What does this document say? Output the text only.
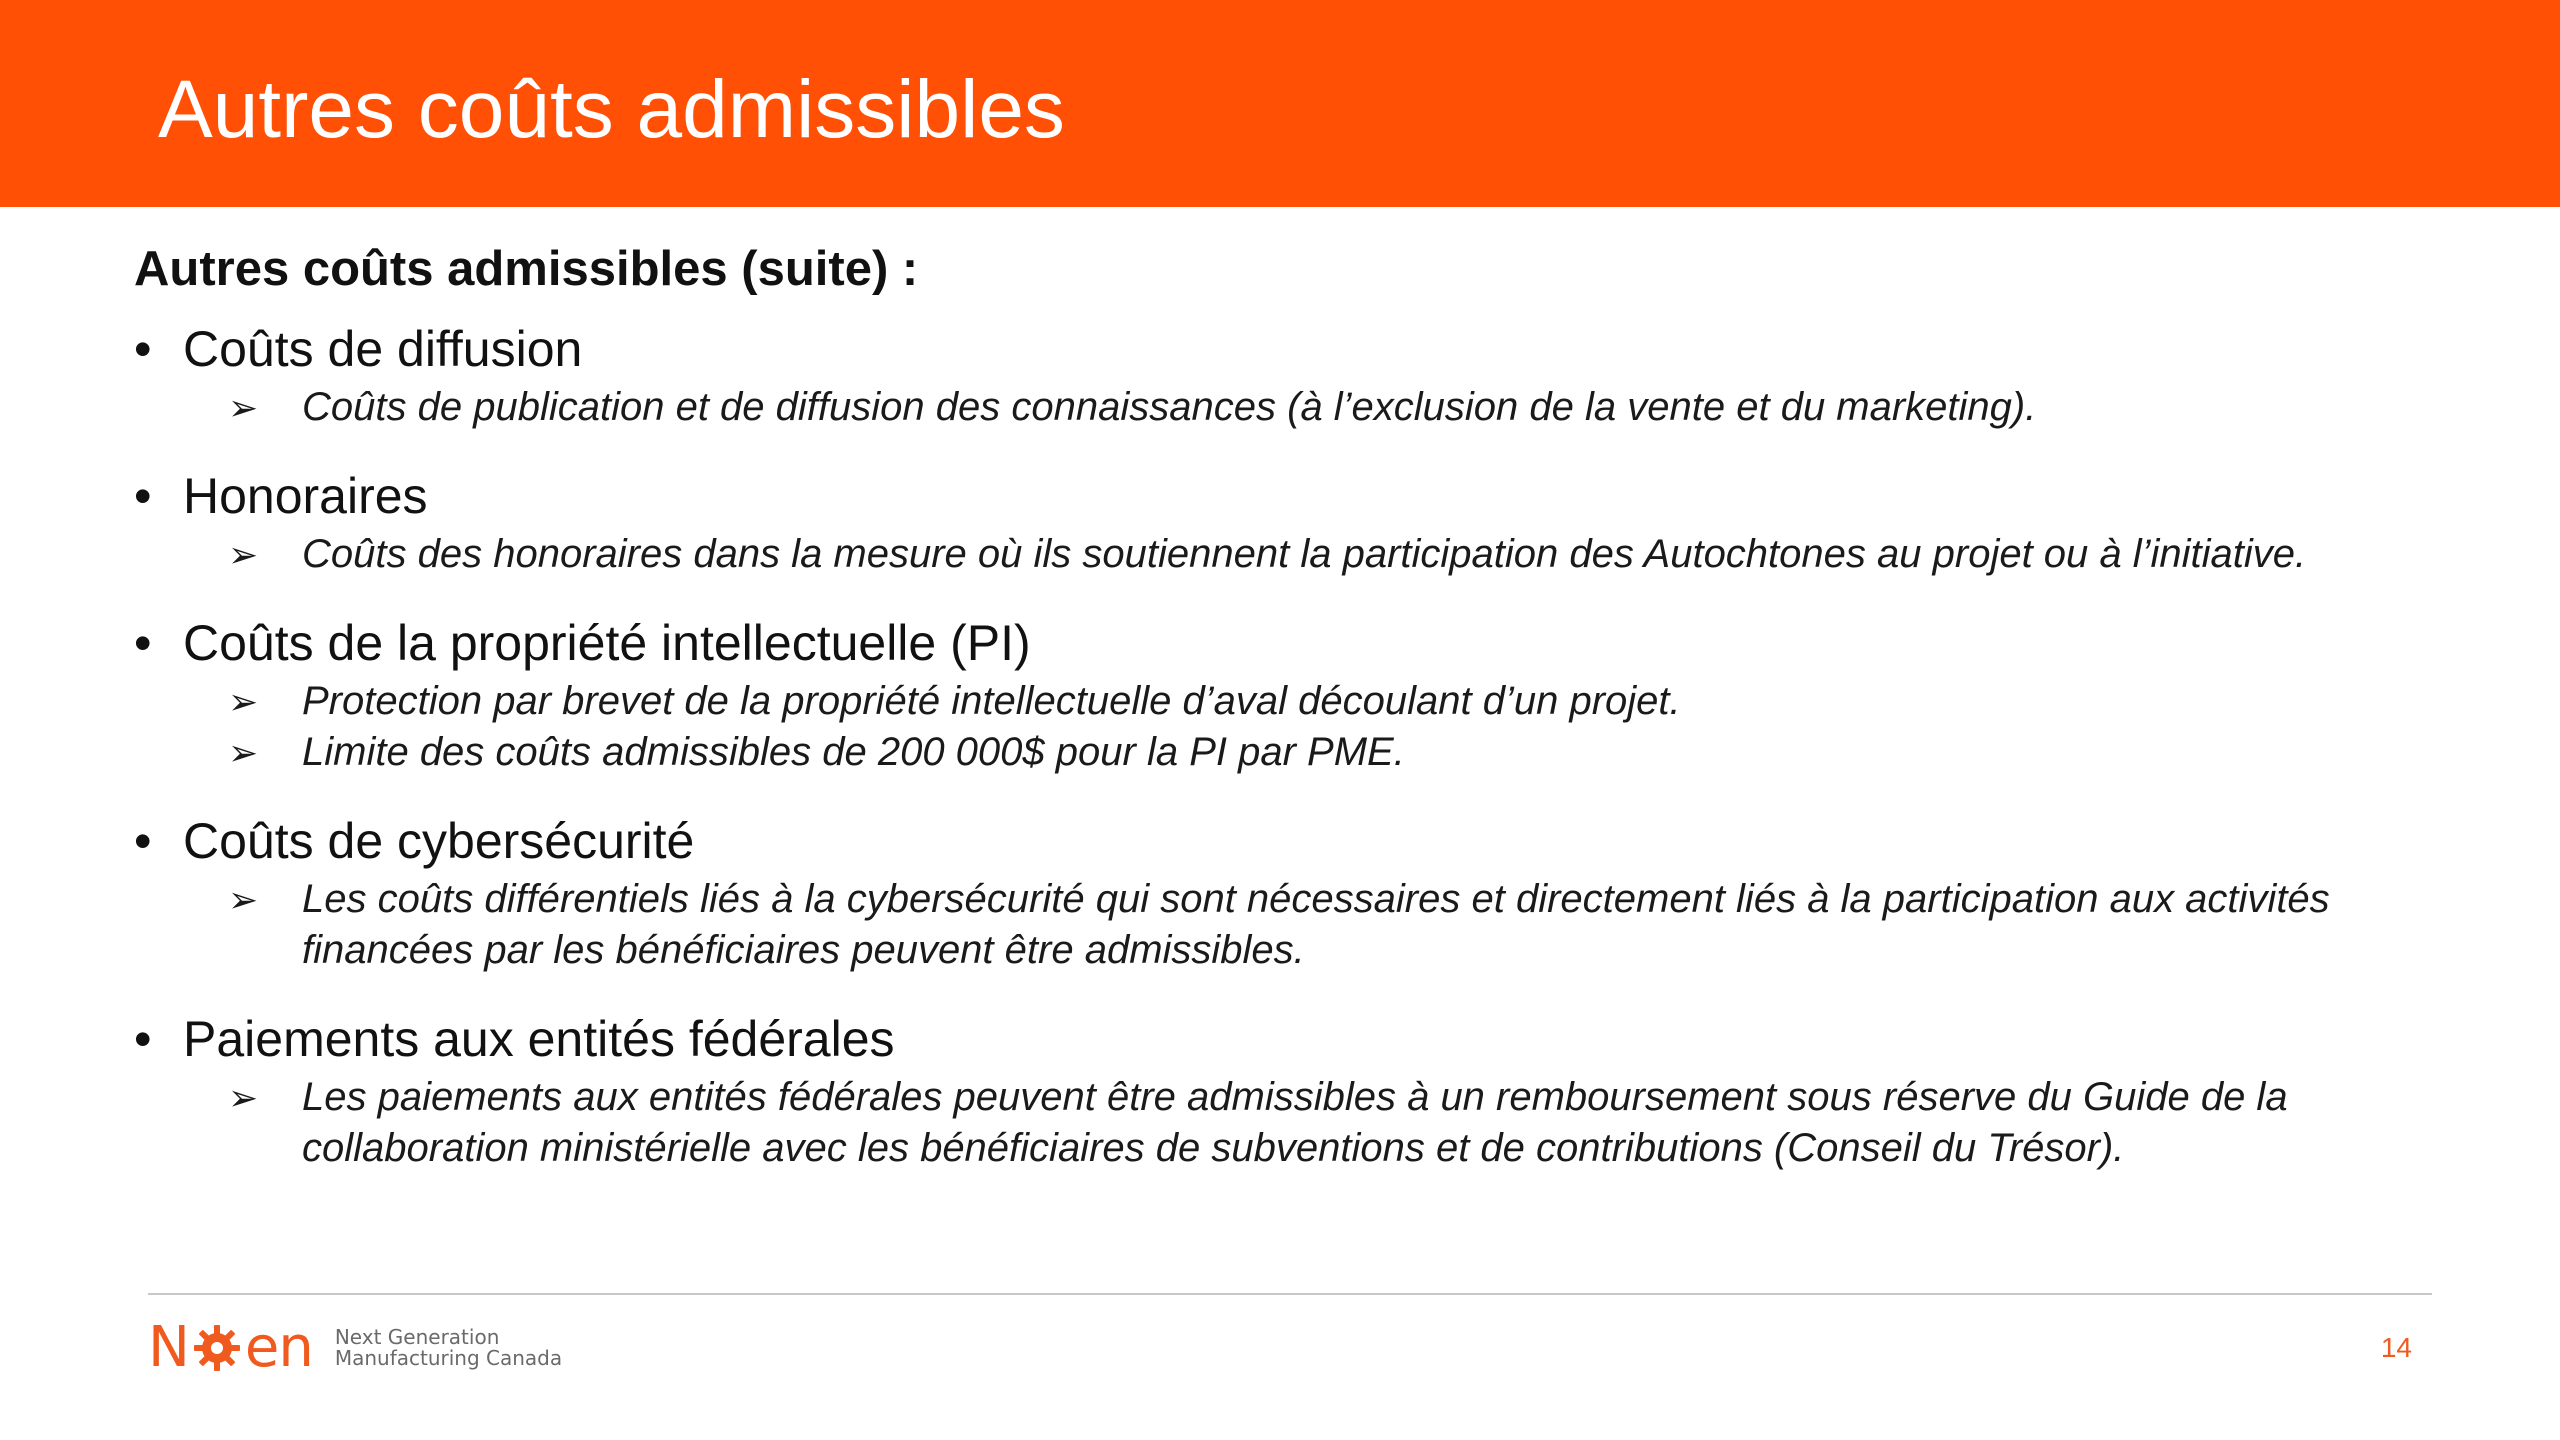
Autres coûts admissibles
Autres coûts admissibles (suite) :
• Coûts de diffusion
➢ Coûts de publication et de diffusion des connaissances (à l’exclusion de la vente et du marketing).
• Honoraires
➢ Coûts des honoraires dans la mesure où ils soutiennent la participation des Autochtones au projet ou à l’initiative.
• Coûts de la propriété intellectuelle (PI)
➢ Protection par brevet de la propriété intellectuelle d’aval découlant d’un projet.
➢ Limite des coûts admissibles de 200 000$ pour la PI par PME.
• Coûts de cybersécurité
➢ Les coûts différentiels liés à la cybersécurité qui sont nécessaires et directement liés à la participation aux activités financées par les bénéficiaires peuvent être admissibles.
• Paiements aux entités fédérales
➢ Les paiements aux entités fédérales peuvent être admissibles à un remboursement sous réserve du Guide de la collaboration ministérielle avec les bénéficiaires de subventions et de contributions (Conseil du Trésor).
N en Next Generation
Manufacturing Canada	14
